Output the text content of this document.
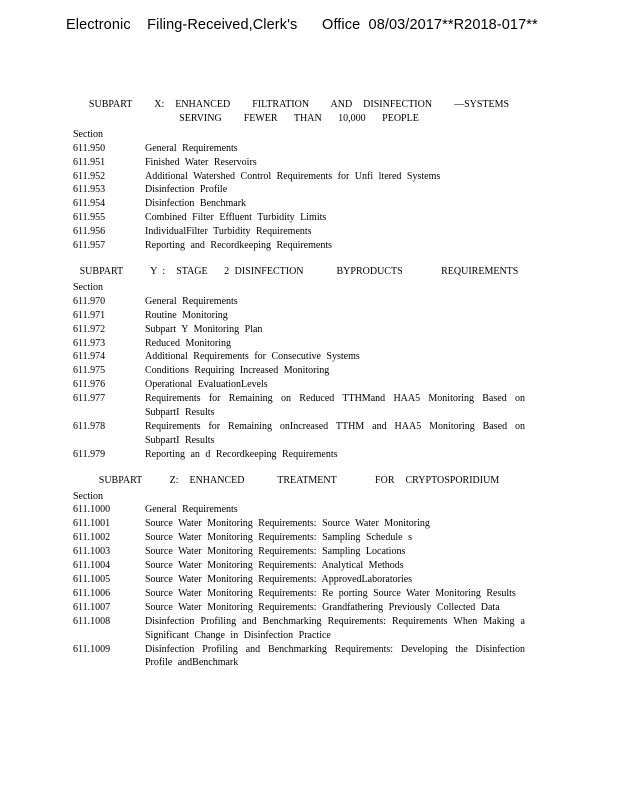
Electronic    Filing-Received,Clerk's      Office  08/03/2017**R2018-017**
SUBPART    X:  ENHANCED    FILTRATION    AND  DISINFECTION    —SYSTEMS
SERVING    FEWER   THAN   10,000   PEOPLE
Section
611.950	General Requirements
611.951	Finished Water Reservoirs
611.952	Additional Watershed Control Requirements for Unfi ltered Systems
611.953	Disinfection Profile
611.954	Disinfection Benchmark
611.955	Combined Filter Effluent Turbidity Limits
611.956	IndividualFilter Turbidity Requirements
611.957	Reporting and Recordkeeping Requirements
SUBPART     Y :  STAGE   2 DISINFECTION      BYPRODUCTS       REQUIREMENTS
Section
611.970	General Requirements
611.971	Routine Monitoring
611.972	Subpart Y Monitoring Plan
611.973	Reduced Monitoring
611.974	Additional Requirements for Consecutive Systems
611.975	Conditions Requiring Increased Monitoring
611.976	Operational EvaluationLevels
611.977	Requirements for Remaining on Reduced TTHMand HAA5 Monitoring Based on SubpartI Results
611.978	Requirements for Remaining onIncreased TTHM and HAA5 Monitoring Based on SubpartI Results
611.979	Reporting an d Recordkeeping Requirements
SUBPART     Z:  ENHANCED      TREATMENT       FOR  CRYPTOSPORIDIUM
Section
611.1000	General Requirements
611.1001	Source Water Monitoring Requirements: Source Water Monitoring
611.1002	Source Water Monitoring Requirements: Sampling Schedule s
611.1003	Source Water Monitoring Requirements: Sampling Locations
611.1004	Source Water Monitoring Requirements: Analytical Methods
611.1005	Source Water Monitoring Requirements: ApprovedLaboratories
611.1006	Source Water Monitoring Requirements: Re porting Source Water Monitoring Results
611.1007	Source Water Monitoring Requirements: Grandfathering Previously Collected Data
611.1008	Disinfection Profiling and Benchmarking Requirements: Requirements When Making a Significant Change in Disinfection Practice
611.1009	Disinfection Profiling and Benchmarking Requirements: Developing the Disinfection Profile andBenchmark
